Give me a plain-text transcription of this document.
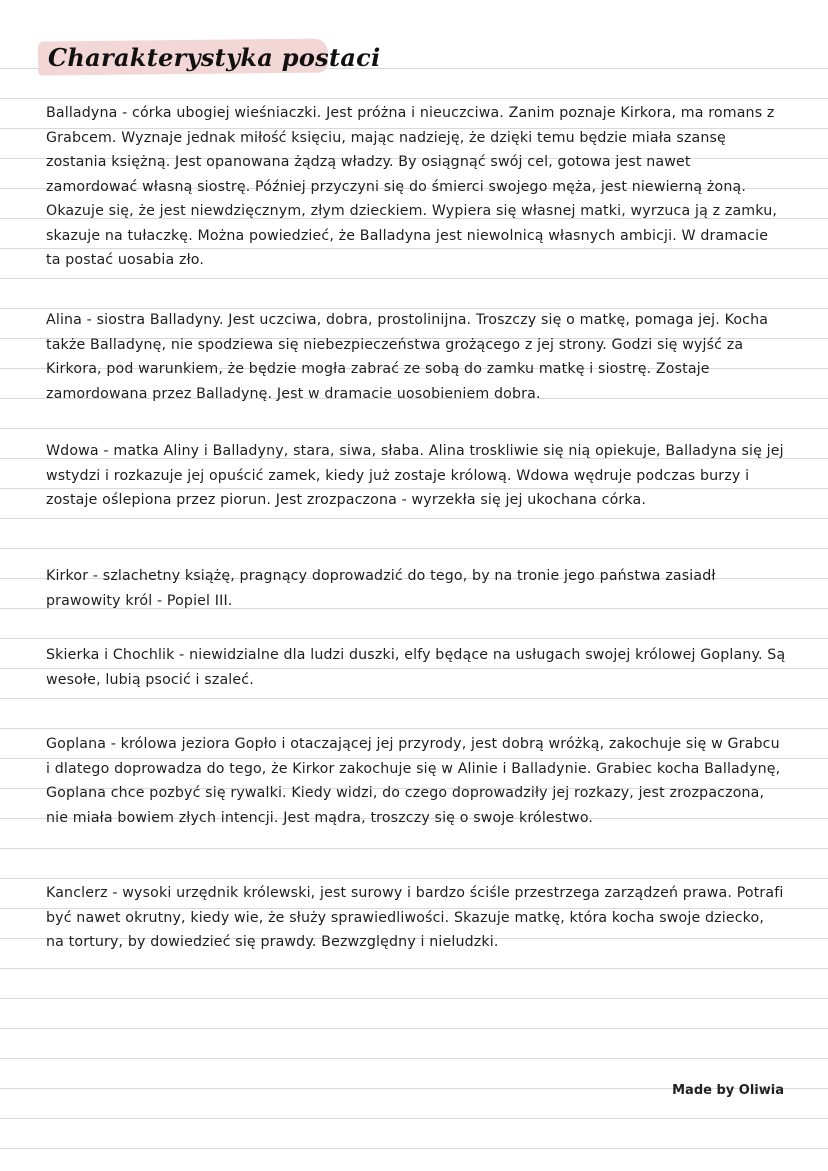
Charakterystyka postaci

Balladyna - córka ubogiej wieśniaczki. Jest próżna i nieuczciwa. Zanim poznaje Kirkora, ma romans z Grabcem. Wyznaje jednak miłość księciu, mając nadzieję, że dzięki temu będzie miała szansę zostania księżną. Jest opanowana żądzą władzy. By osiągnąć swój cel, gotowa jest nawet zamordować własną siostrę. Później przyczyni się do śmierci swojego męża, jest niewierną żoną. Okazuje się, że jest niewdzięcznym, złym dzieckiem. Wypiera się własnej matki, wyrzuca ją z zamku, skazuje na tułaczkę. Można powiedzieć, że Balladyna jest niewolnicą własnych ambicji. W dramacie ta postać uosabia zło.

Alina - siostra Balladyny. Jest uczciwa, dobra, prostolinijna. Troszczy się o matkę, pomaga jej. Kocha także Balladynę, nie spodziewa się niebezpieczeństwa grożącego z jej strony. Godzi się wyjść za Kirkora, pod warunkiem, że będzie mogła zabrać ze sobą do zamku matkę i siostrę. Zostaje zamordowana przez Balladynę. Jest w dramacie uosobieniem dobra.

Wdowa - matka Aliny i Balladyny, stara, siwa, słaba. Alina troskliwie się nią opiekuje, Balladyna się jej wstydzi i rozkazuje jej opuścić zamek, kiedy już zostaje królową. Wdowa wędruje podczas burzy i zostaje oślepiona przez piorun. Jest zrozpaczona - wyrzekła się jej ukochana córka.

Kirkor - szlachetny książę, pragnący doprowadzić do tego, by na tronie jego państwa zasiadł prawowity król - Popiel III.

Skierka i Chochlik - niewidzialne dla ludzi duszki, elfy będące na usługach swojej królowej Goplany. Są wesołe, lubią psocić i szaleć.

Goplana - królowa jeziora Gopło i otaczającej jej przyrody, jest dobrą wróżką, zakochuje się w Grabcu i dlatego doprowadza do tego, że Kirkor zakochuje się w Alinie i Balladynie. Grabiec kocha Balladynę, Goplana chce pozbyć się rywalki. Kiedy widzi, do czego doprowadziły jej rozkazy, jest zrozpaczona, nie miała bowiem złych intencji. Jest mądra, troszczy się o swoje królestwo.

Kanclerz - wysoki urzędnik królewski, jest surowy i bardzo ściśle przestrzega zarządzeń prawa. Potrafi być nawet okrutny, kiedy wie, że służy sprawiedliwości. Skazuje matkę, która kocha swoje dziecko, na tortury, by dowiedzieć się prawdy. Bezwzględny i nieludzki.

Made by Oliwia
